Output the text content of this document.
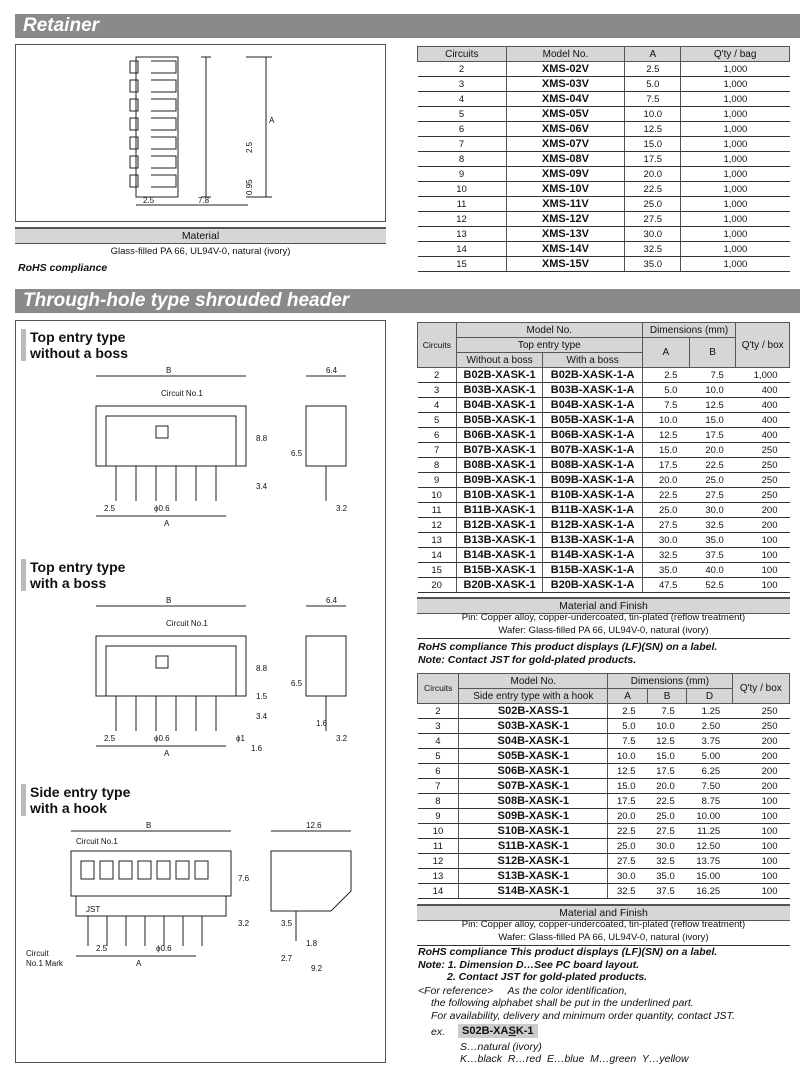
Retainer
A
2.5	7.8
0.95
2.5
Material
Glass-filled PA 66, UL94V-0, natural (ivory)
RoHS compliance
Circuits	Model No.	A	Q'ty / bag
2	XMS-02V	2.5	1,000
3	XMS-03V	5.0	1,000
4	XMS-04V	7.5	1,000
5	XMS-05V	10.0	1,000
6	XMS-06V	12.5	1,000
7	XMS-07V	15.0	1,000
8	XMS-08V	17.5	1,000
9	XMS-09V	20.0	1,000
10	XMS-10V	22.5	1,000
11	XMS-11V	25.0	1,000
12	XMS-12V	27.5	1,000
13	XMS-13V	30.0	1,000
14	XMS-14V	32.5	1,000
15	XMS-15V	35.0	1,000
Through-hole type shrouded header
Top entry type
without a boss
B
Circuit No.1
6.4
8.8
6.5
3.4
2.5	ϕ0.6
A
3.2
Top entry type
with a boss
B
Circuit No.1
6.4
8.8
6.5
3.4
2.5	ϕ0.6
A
3.2
1.5
ϕ1
1.6
1.6
Side entry type
with a hook
B
Circuit No.1
12.6
7.6
3.2	3.5
2.5	ϕ0.6
A
1.8
2.7
9.2
Circuit
No.1 Mark
JST
Circuits	Model No.		Dimensions (mm)		Q'ty / box
	Top entry type		A	B	
	Without a boss	With a boss			
2	B02B-XASK-1	B02B-XASK-1-A	2.5	7.5	1,000
3	B03B-XASK-1	B03B-XASK-1-A	5.0	10.0	400
4	B04B-XASK-1	B04B-XASK-1-A	7.5	12.5	400
5	B05B-XASK-1	B05B-XASK-1-A	10.0	15.0	400
6	B06B-XASK-1	B06B-XASK-1-A	12.5	17.5	400
7	B07B-XASK-1	B07B-XASK-1-A	15.0	20.0	250
8	B08B-XASK-1	B08B-XASK-1-A	17.5	22.5	250
9	B09B-XASK-1	B09B-XASK-1-A	20.0	25.0	250
10	B10B-XASK-1	B10B-XASK-1-A	22.5	27.5	250
11	B11B-XASK-1	B11B-XASK-1-A	25.0	30.0	200
12	B12B-XASK-1	B12B-XASK-1-A	27.5	32.5	200
13	B13B-XASK-1	B13B-XASK-1-A	30.0	35.0	100
14	B14B-XASK-1	B14B-XASK-1-A	32.5	37.5	100
15	B15B-XASK-1	B15B-XASK-1-A	35.0	40.0	100
20	B20B-XASK-1	B20B-XASK-1-A	47.5	52.5	100
Material and Finish
Pin: Copper alloy, copper-undercoated, tin-plated (reflow treatment)
Wafer: Glass-filled PA 66, UL94V-0, natural (ivory)
RoHS compliance This product displays (LF)(SN) on a label.
Note: Contact JST for gold-plated products.
Circuits	Model No.	Dimensions (mm)			Q'ty / box
	Side entry type with a hook	A	B	D	
2	S02B-XASS-1	2.5	7.5	1.25	250
3	S03B-XASK-1	5.0	10.0	2.50	250
4	S04B-XASK-1	7.5	12.5	3.75	200
5	S05B-XASK-1	10.0	15.0	5.00	200
6	S06B-XASK-1	12.5	17.5	6.25	200
7	S07B-XASK-1	15.0	20.0	7.50	200
8	S08B-XASK-1	17.5	22.5	8.75	100
9	S09B-XASK-1	20.0	25.0	10.00	100
10	S10B-XASK-1	22.5	27.5	11.25	100
11	S11B-XASK-1	25.0	30.0	12.50	100
12	S12B-XASK-1	27.5	32.5	13.75	100
13	S13B-XASK-1	30.0	35.0	15.00	100
14	S14B-XASK-1	32.5	37.5	16.25	100
Material and Finish
Pin: Copper alloy, copper-undercoated, tin-plated (reflow treatment)
Wafer: Glass-filled PA 66, UL94V-0, natural (ivory)
RoHS compliance This product displays (LF)(SN) on a label.
Note: 1. Dimension D…See PC board layout.
2. Contact JST for gold-plated products.
<For reference>     As the color identification,
the following alphabet shall be put in the underlined part.
For availability, delivery and minimum order quantity, contact JST.
ex.	S02B-XASK-1
S…natural (ivory)
K…black  R…red  E…blue  M…green  Y…yellow
